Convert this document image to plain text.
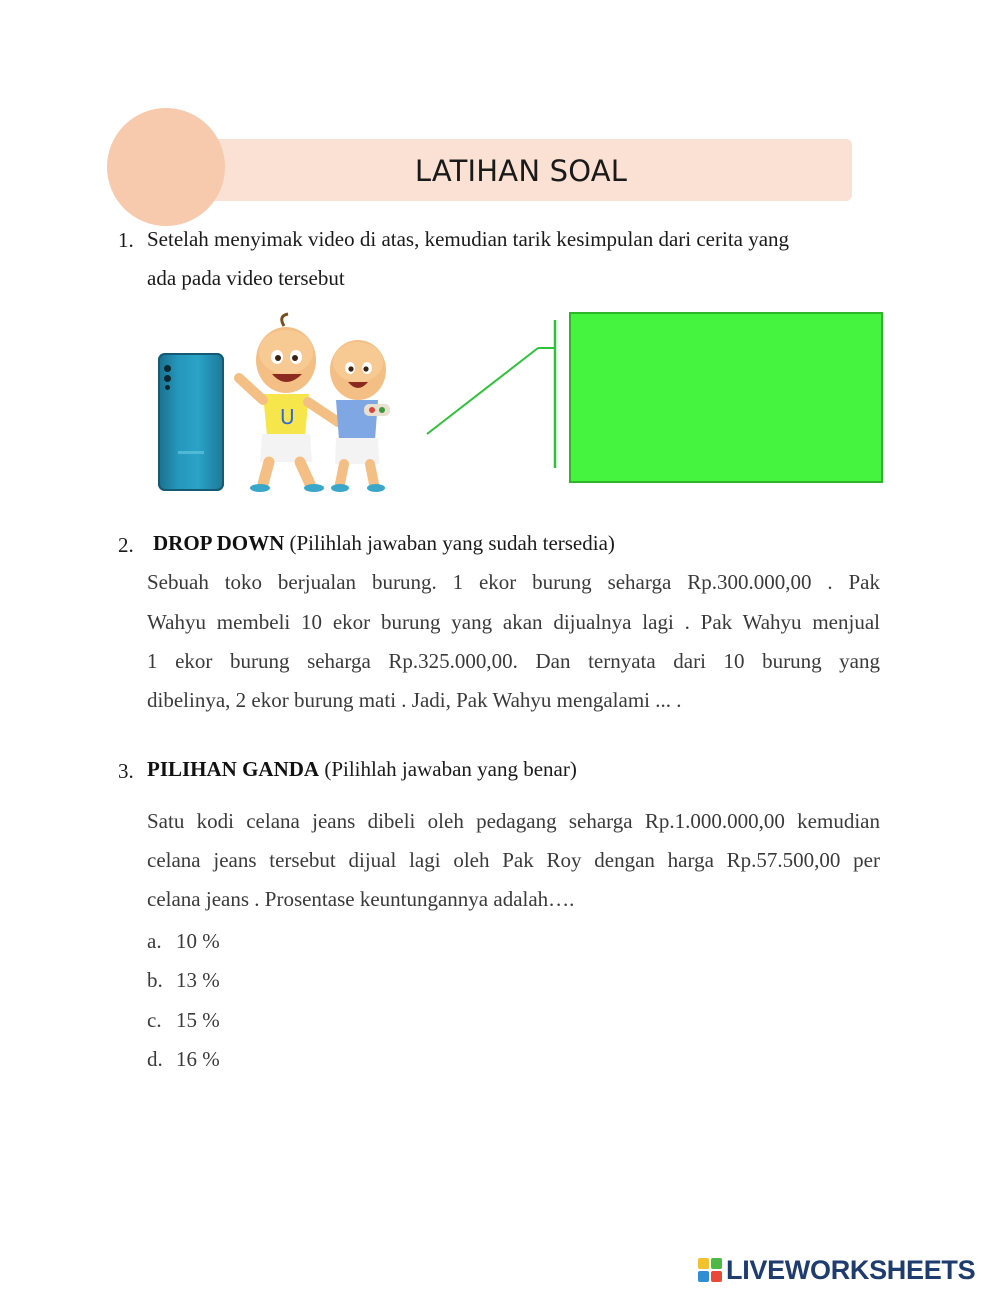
LATIHAN SOAL
1. Setelah menyimak video di atas, kemudian tarik kesimpulan dari cerita yang
ada pada video tersebut
U
2. DROP DOWN (Pilihlah jawaban yang sudah tersedia)
Sebuah toko berjualan burung. 1 ekor burung seharga Rp.300.000,00 . Pak
Wahyu membeli 10 ekor burung yang akan dijualnya lagi . Pak Wahyu menjual
1 ekor burung seharga Rp.325.000,00. Dan ternyata dari 10 burung yang
dibelinya, 2 ekor burung mati . Jadi, Pak Wahyu mengalami ... .
3. PILIHAN GANDA (Pilihlah jawaban yang benar)
Satu kodi celana jeans dibeli oleh pedagang seharga Rp.1.000.000,00 kemudian
celana jeans tersebut dijual lagi oleh Pak Roy dengan harga Rp.57.500,00 per
celana jeans . Prosentase keuntungannya adalah….
a. 10 %
b. 13 %
c. 15 %
d. 16 %
LIVEWORKSHEETS
